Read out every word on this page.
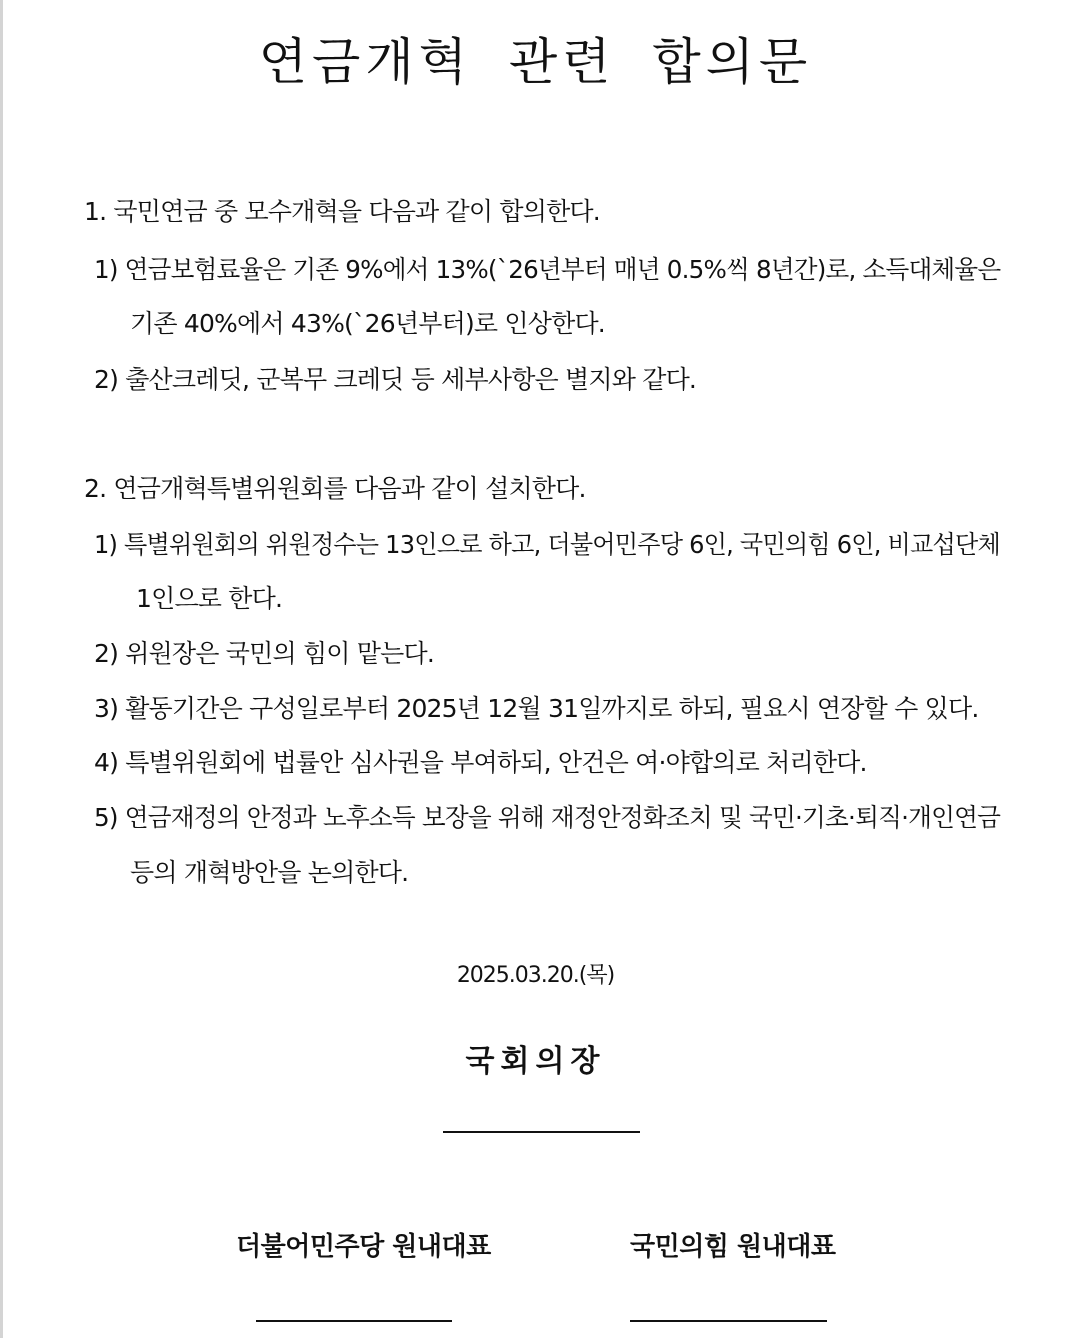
연금개혁 관련 합의문
1. 국민연금 중 모수개혁을 다음과 같이 합의한다.
1) 연금보험료율은 기존 9%에서 13%(`26년부터 매년 0.5%씩 8년간)로, 소득대체율은
기존 40%에서 43%(`26년부터)로 인상한다.
2) 출산크레딧, 군복무 크레딧 등 세부사항은 별지와 같다.
2. 연금개혁특별위원회를 다음과 같이 설치한다.
1) 특별위원회의 위원정수는 13인으로 하고, 더불어민주당 6인, 국민의힘 6인, 비교섭단체
1인으로 한다.
2) 위원장은 국민의 힘이 맡는다.
3) 활동기간은 구성일로부터 2025년 12월 31일까지로 하되, 필요시 연장할 수 있다.
4) 특별위원회에 법률안 심사권을 부여하되, 안건은 여·야합의로 처리한다.
5) 연금재정의 안정과 노후소득 보장을 위해 재정안정화조치 및 국민·기초·퇴직·개인연금
등의 개혁방안을 논의한다.
2025.03.20.(목)
국회의장
더불어민주당 원내대표	국민의힘 원내대표
